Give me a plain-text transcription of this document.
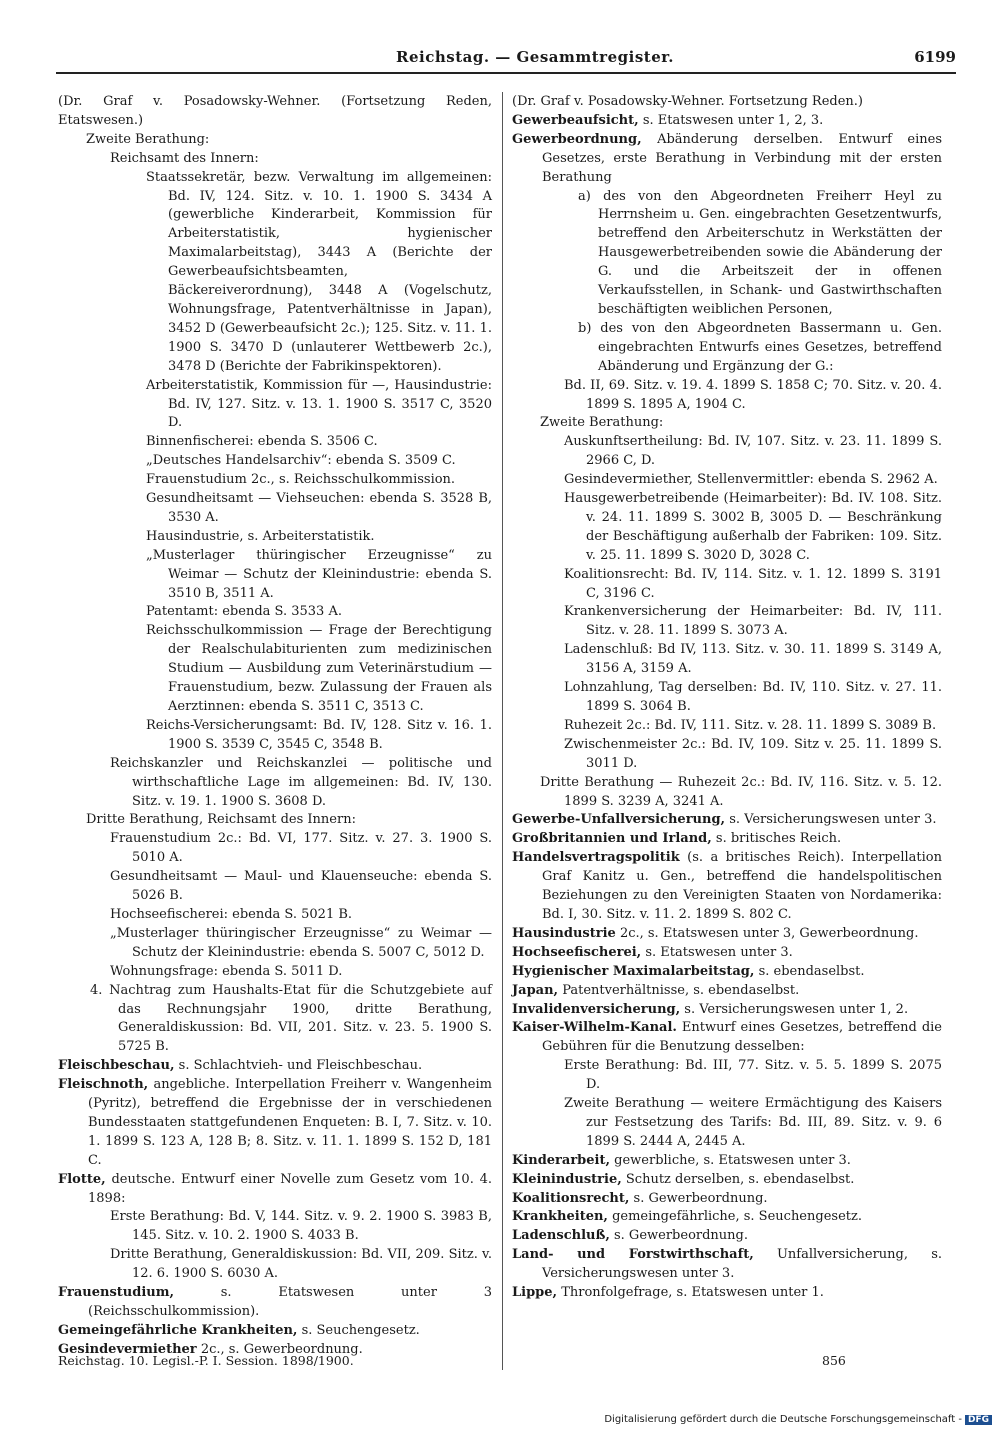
Reichstag. — Gesammtregister.	6199

(Dr. Graf v. Posadowsky-Wehner. (Fortsetzung Reden, Etatswesen.)

Zweite Berathung:

Reichsamt des Innern:

Staatssekretär, bezw. Verwaltung im allgemeinen: Bd. IV, 124. Sitz. v. 10. 1. 1900 S. 3434 A (gewerbliche Kinderarbeit, Kommission für Arbeiterstatistik, hygienischer Maximalarbeitstag), 3443 A (Berichte der Gewerbeaufsichtsbeamten, Bäckereiverordnung), 3448 A (Vogelschutz, Wohnungsfrage, Patentverhältnisse in Japan), 3452 D (Gewerbeaufsicht 2c.); 125. Sitz. v. 11. 1. 1900 S. 3470 D (unlauterer Wettbewerb 2c.), 3478 D (Berichte der Fabrikinspektoren).

Arbeiterstatistik, Kommission für —, Hausindustrie: Bd. IV, 127. Sitz. v. 13. 1. 1900 S. 3517 C, 3520 D.

Binnenfischerei: ebenda S. 3506 C.

„Deutsches Handelsarchiv“: ebenda S. 3509 C.

Frauenstudium 2c., s. Reichsschulkommission.

Gesundheitsamt — Viehseuchen: ebenda S. 3528 B, 3530 A.

Hausindustrie, s. Arbeiterstatistik.

„Musterlager thüringischer Erzeugnisse“ zu Weimar — Schutz der Kleinindustrie: ebenda S. 3510 B, 3511 A.

Patentamt: ebenda S. 3533 A.

Reichsschulkommission — Frage der Berechtigung der Realschulabiturienten zum medizinischen Studium — Ausbildung zum Veterinärstudium — Frauenstudium, bezw. Zulassung der Frauen als Aerztinnen: ebenda S. 3511 C, 3513 C.

Reichs-Versicherungsamt: Bd. IV, 128. Sitz v. 16. 1. 1900 S. 3539 C, 3545 C, 3548 B.

Reichskanzler und Reichskanzlei — politische und wirthschaftliche Lage im allgemeinen: Bd. IV, 130. Sitz. v. 19. 1. 1900 S. 3608 D.

Dritte Berathung, Reichsamt des Innern:

Frauenstudium 2c.: Bd. VI, 177. Sitz. v. 27. 3. 1900 S. 5010 A.

Gesundheitsamt — Maul- und Klauenseuche: ebenda S. 5026 B.

Hochseefischerei: ebenda S. 5021 B.

„Musterlager thüringischer Erzeugnisse“ zu Weimar — Schutz der Kleinindustrie: ebenda S. 5007 C, 5012 D.

Wohnungsfrage: ebenda S. 5011 D.

4. Nachtrag zum Haushalts-Etat für die Schutzgebiete auf das Rechnungsjahr 1900, dritte Berathung, Generaldiskussion: Bd. VII, 201. Sitz. v. 23. 5. 1900 S. 5725 B.

Fleischbeschau, s. Schlachtvieh- und Fleischbeschau.

Fleischnoth, angebliche. Interpellation Freiherr v. Wangenheim (Pyritz), betreffend die Ergebnisse der in verschiedenen Bundesstaaten stattgefundenen Enqueten: B. I, 7. Sitz. v. 10. 1. 1899 S. 123 A, 128 B; 8. Sitz. v. 11. 1. 1899 S. 152 D, 181 C.

Flotte, deutsche. Entwurf einer Novelle zum Gesetz vom 10. 4. 1898:

Erste Berathung: Bd. V, 144. Sitz. v. 9. 2. 1900 S. 3983 B, 145. Sitz. v. 10. 2. 1900 S. 4033 B.

Dritte Berathung, Generaldiskussion: Bd. VII, 209. Sitz. v. 12. 6. 1900 S. 6030 A.

Frauenstudium,	s. Etatswesen unter 3 (Reichsschulkommission).

Gemeingefährliche Krankheiten, s. Seuchengesetz.

Gesindevermiether 2c., s. Gewerbeordnung.

(Dr. Graf v. Posadowsky-Wehner. Fortsetzung Reden.)

Gewerbeaufsicht, s. Etatswesen unter 1, 2, 3.

Gewerbeordnung, Abänderung derselben. Entwurf eines Gesetzes, erste Berathung in Verbindung mit der ersten Berathung

a) des von den Abgeordneten Freiherr Heyl zu Herrnsheim u. Gen. eingebrachten Gesetzentwurfs, betreffend den Arbeiterschutz in Werkstätten der Hausgewerbetreibenden sowie die Abänderung der G. und die Arbeitszeit der in offenen Verkaufsstellen, in Schank- und Gastwirthschaften beschäftigten weiblichen Personen,

b) des von den Abgeordneten Bassermann u. Gen. eingebrachten Entwurfs eines Gesetzes, betreffend Abänderung und Ergänzung der G.:

Bd. II, 69. Sitz. v. 19. 4. 1899 S. 1858 C; 70. Sitz. v. 20. 4. 1899 S. 1895 A, 1904 C.

Zweite Berathung:

Auskunftsertheilung: Bd. IV, 107. Sitz. v. 23. 11. 1899 S. 2966 C, D.

Gesindevermiether, Stellenvermittler: ebenda S. 2962 A.

Hausgewerbetreibende (Heimarbeiter): Bd. IV. 108. Sitz. v. 24. 11. 1899 S. 3002 B, 3005 D. — Beschränkung der Beschäftigung außerhalb der Fabriken: 109. Sitz. v. 25. 11. 1899 S. 3020 D, 3028 C.

Koalitionsrecht: Bd. IV, 114. Sitz. v. 1. 12. 1899 S. 3191 C, 3196 C.

Krankenversicherung der Heimarbeiter: Bd. IV, 111. Sitz. v. 28. 11. 1899 S. 3073 A.

Ladenschluß: Bd IV, 113. Sitz. v. 30. 11. 1899 S. 3149 A, 3156 A, 3159 A.

Lohnzahlung, Tag derselben: Bd. IV, 110. Sitz. v. 27. 11. 1899 S. 3064 B.

Ruhezeit 2c.: Bd. IV, 111. Sitz. v. 28. 11. 1899 S. 3089 B.

Zwischenmeister 2c.: Bd. IV, 109. Sitz v. 25. 11. 1899 S. 3011 D.

Dritte Berathung — Ruhezeit 2c.: Bd. IV, 116. Sitz. v. 5. 12. 1899 S. 3239 A, 3241 A.

Gewerbe-Unfallversicherung, s. Versicherungswesen unter 3.

Großbritannien und Irland, s. britisches Reich.

Handelsvertragspolitik (s. a britisches Reich). Interpellation Graf Kanitz u. Gen., betreffend die handelspolitischen Beziehungen zu den Vereinigten Staaten von Nordamerika: Bd. I, 30. Sitz. v. 11. 2. 1899 S. 802 C.

Hausindustrie 2c., s. Etatswesen unter 3, Gewerbeordnung.

Hochseefischerei, s. Etatswesen unter 3.

Hygienischer Maximalarbeitstag, s. ebendaselbst.

Japan, Patentverhältnisse, s. ebendaselbst.

Invalidenversicherung, s. Versicherungswesen unter 1, 2.

Kaiser-Wilhelm-Kanal. Entwurf eines Gesetzes, betreffend die Gebühren für die Benutzung desselben:

Erste Berathung: Bd. III, 77. Sitz. v. 5. 5. 1899 S. 2075 D.

Zweite Berathung — weitere Ermächtigung des Kaisers zur Festsetzung des Tarifs: Bd. III, 89. Sitz. v. 9. 6 1899 S. 2444 A, 2445 A.

Kinderarbeit, gewerbliche, s. Etatswesen unter 3.

Kleinindustrie, Schutz derselben, s. ebendaselbst.

Koalitionsrecht, s. Gewerbeordnung.

Krankheiten, gemeingefährliche, s. Seuchengesetz.

Ladenschluß, s. Gewerbeordnung.

Land- und Forstwirthschaft, Unfallversicherung, s. Versicherungswesen unter 3.

Lippe, Thronfolgefrage, s. Etatswesen unter 1.

Reichstag. 10. Legisl.-P. I. Session. 1898/1900.	856
Digitalisierung gefördert durch die Deutsche Forschungsgemeinschaft - DFG
